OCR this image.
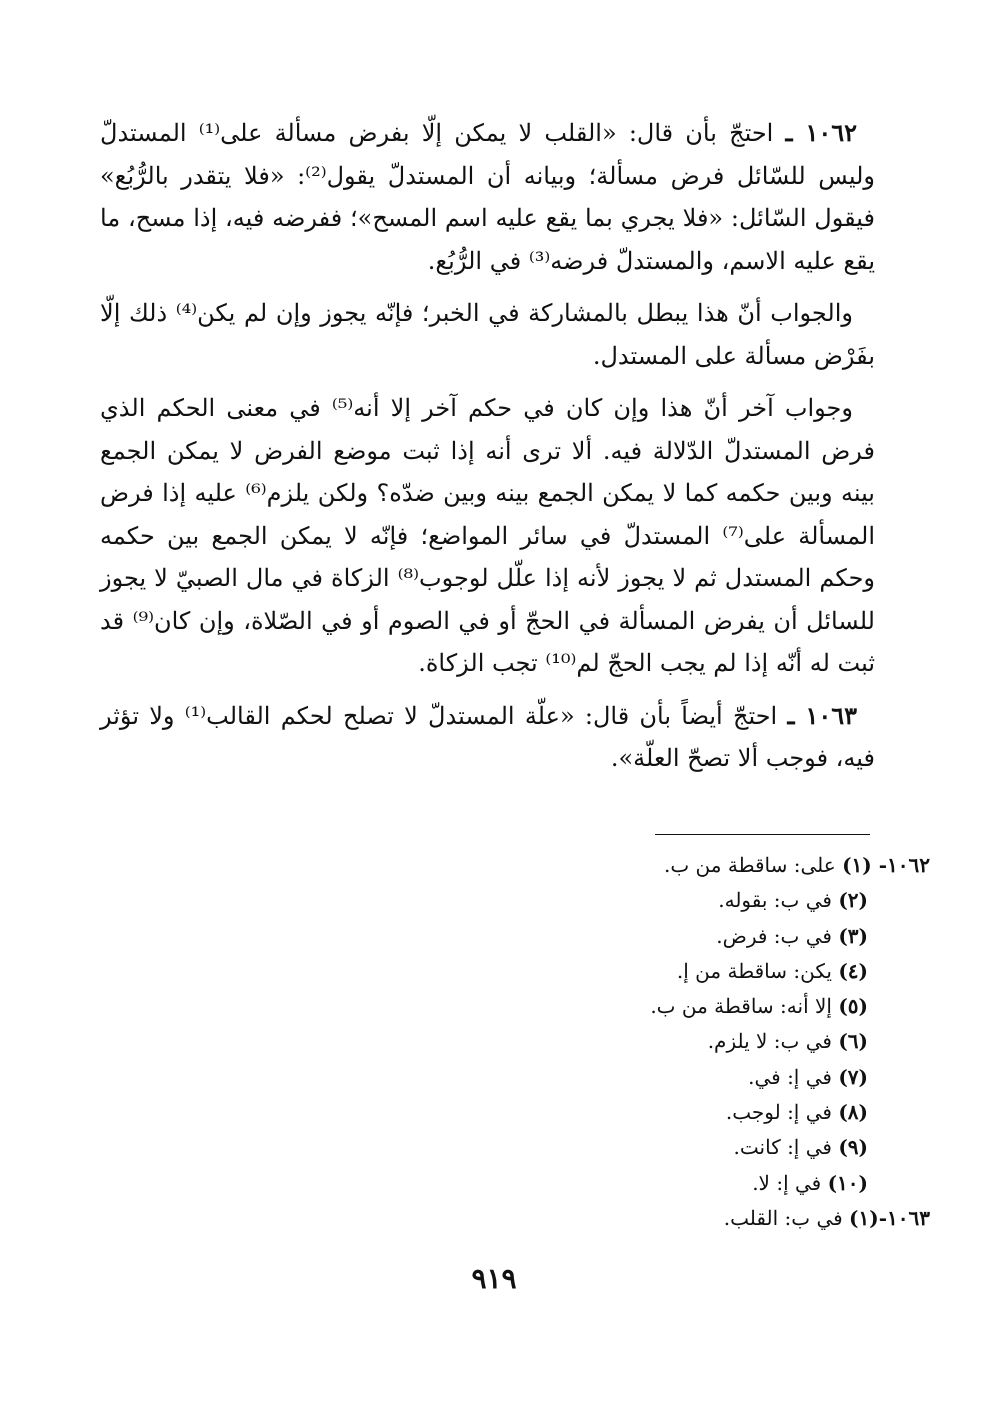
١٠٦٢ ـ احتجّ بأن قال: «القلب لا يمكن إلّا بفرض مسألة على⁽¹⁾ المستدلّ وليس للسّائل فرض مسألة؛ وبيانه أن المستدلّ يقول⁽²⁾: «فلا يتقدر بالرُّبُع» فيقول السّائل: «فلا يجري بما يقع عليه اسم المسح»؛ ففرضه فيه، إذا مسح، ما يقع عليه الاسم، والمستدلّ فرضه⁽³⁾ في الرُّبُع.

والجواب أنّ هذا يبطل بالمشاركة في الخبر؛ فإنّه يجوز وإن لم يكن⁽⁴⁾ ذلك إلّا بفَرْض مسألة على المستدل.

وجواب آخر أنّ هذا وإن كان في حكم آخر إلا أنه⁽⁵⁾ في معنى الحكم الذي فرض المستدلّ الدّلالة فيه. ألا ترى أنه إذا ثبت موضع الفرض لا يمكن الجمع بينه وبين حكمه كما لا يمكن الجمع بينه وبين ضدّه؟ ولكن يلزم⁽⁶⁾ عليه إذا فرض المسألة على⁽⁷⁾ المستدلّ في سائر المواضع؛ فإنّه لا يمكن الجمع بين حكمه وحكم المستدل ثم لا يجوز لأنه إذا علّل لوجوب⁽⁸⁾ الزكاة في مال الصبيّ لا يجوز للسائل أن يفرض المسألة في الحجّ أو في الصوم أو في الصّلاة، وإن كان⁽⁹⁾ قد ثبت له أنّه إذا لم يجب الحجّ لم⁽¹⁰⁾ تجب الزكاة.

١٠٦٣ ـ احتجّ أيضاً بأن قال: «علّة المستدلّ لا تصلح لحكم القالب⁽¹⁾ ولا تؤثر فيه، فوجب ألا تصحّ العلّة».

١٠٦٢- (١) على: ساقطة من ب.
(٢) في ب: بقوله.
(٣) في ب: فرض.
(٤) يكن: ساقطة من إ.
(٥) إلا أنه: ساقطة من ب.
(٦) في ب: لا يلزم.
(٧) في إ: في.
(٨) في إ: لوجب.
(٩) في إ: كانت.
(١٠) في إ: لا.
١٠٦٣-(١) في ب: القلب.
٩١٩
